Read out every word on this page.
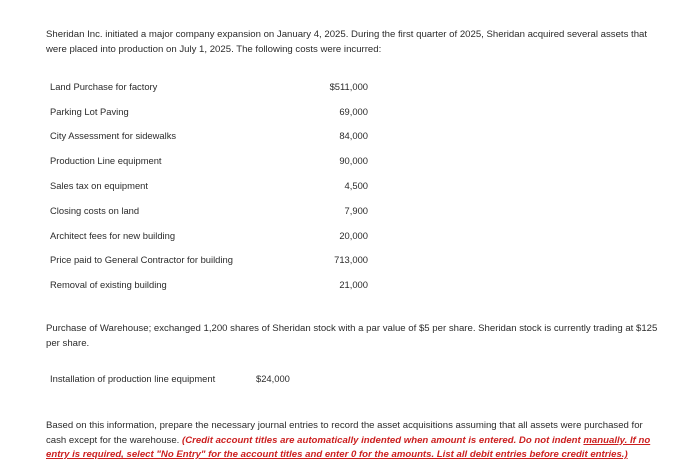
Sheridan Inc. initiated a major company expansion on January 4, 2025. During the first quarter of 2025, Sheridan acquired several assets that were placed into production on July 1, 2025. The following costs were incurred:

Land Purchase for factory	$511,000
Parking Lot Paving	69,000
City Assessment for sidewalks	84,000
Production Line equipment	90,000
Sales tax on equipment	4,500
Closing costs on land	7,900
Architect fees for new building	20,000
Price paid to General Contractor for building	713,000
Removal of existing building	21,000

Purchase of Warehouse; exchanged 1,200 shares of Sheridan stock with a par value of $5 per share. Sheridan stock is currently trading at $125 per share.

Installation of production line equipment	$24,000

Based on this information, prepare the necessary journal entries to record the asset acquisitions assuming that all assets were purchased for cash except for the warehouse. (Credit account titles are automatically indented when amount is entered. Do not indent manually. If no entry is required, select "No Entry" for the account titles and enter 0 for the amounts. List all debit entries before credit entries.)
